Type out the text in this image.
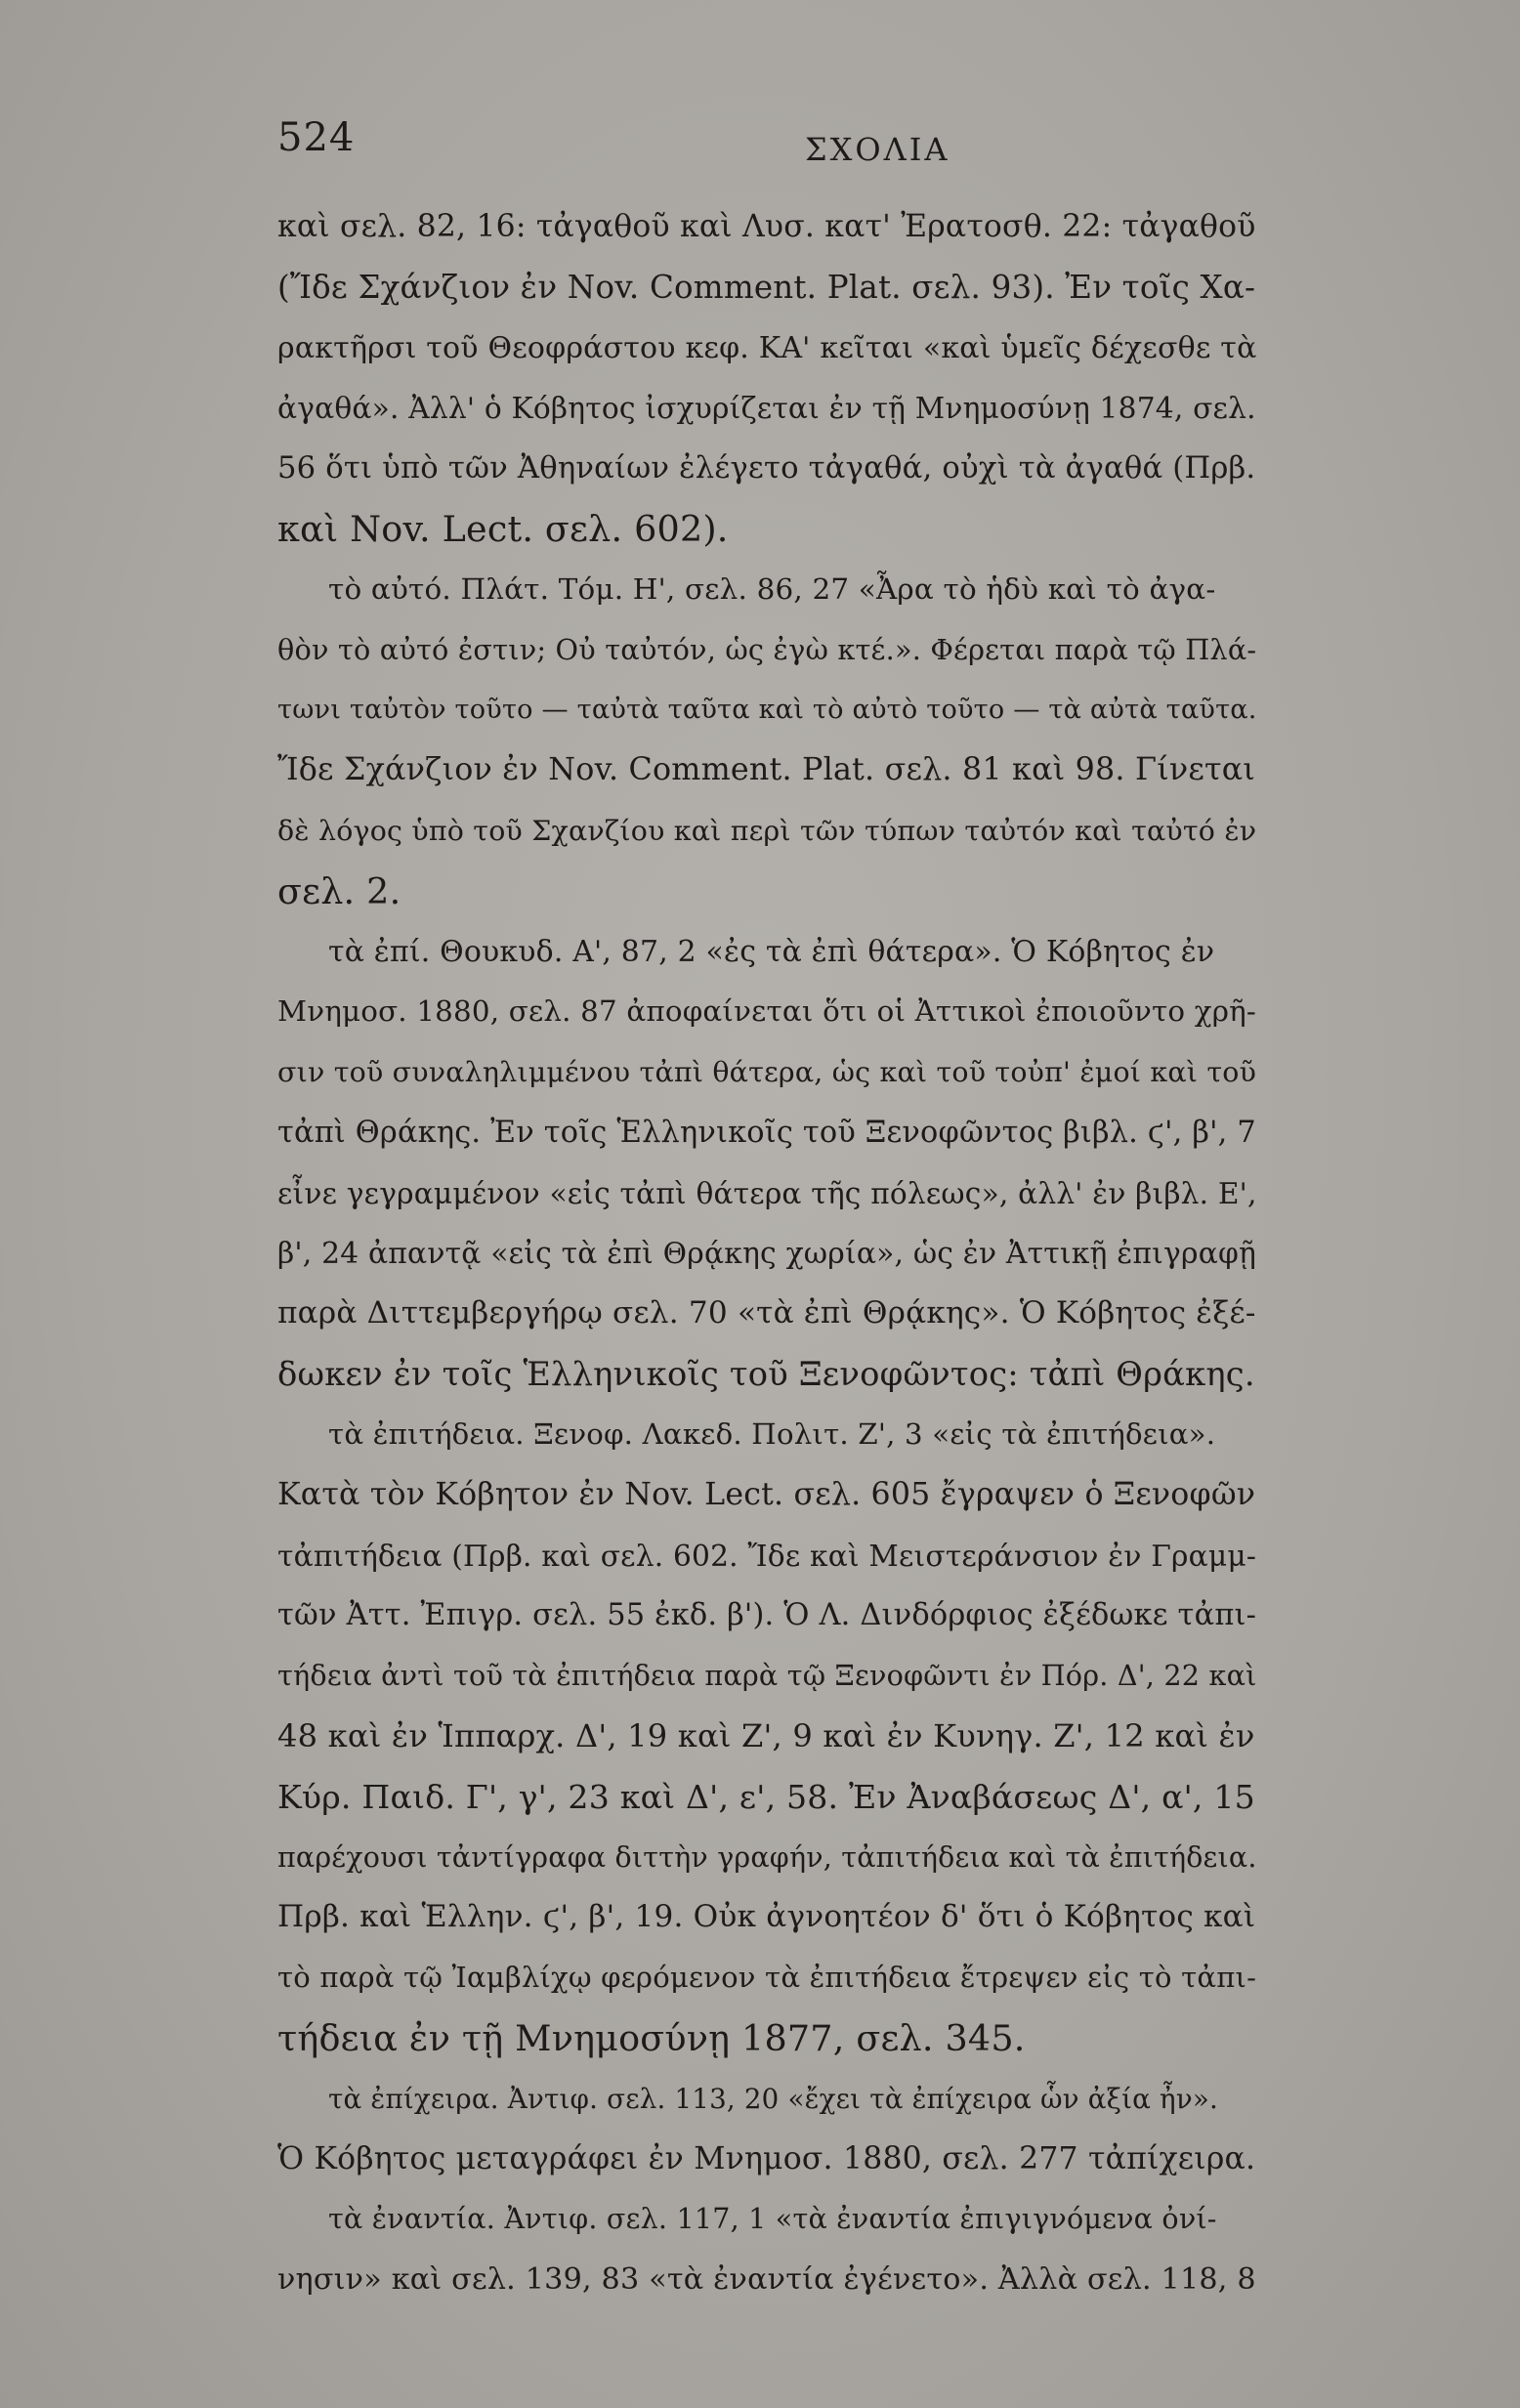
524	ΣΧΟΛΙΑ
καὶ σελ. 82, 16: τἀγαθοῦ καὶ Λυσ. κατ' Ἐρατοσθ. 22: τἀγαθοῦ
(Ἴδε Σχάνζιον ἐν Nov. Comment. Plat. σελ. 93). Ἐν τοῖς Χα-
ρακτῆρσι τοῦ Θεοφράστου κεφ. ΚΑ' κεῖται «καὶ ὑμεῖς δέχεσθε τὰ
ἀγαθά». Ἀλλ' ὁ Κόβητος ἰσχυρίζεται ἐν τῇ Μνημοσύνῃ 1874, σελ.
56 ὅτι ὑπὸ τῶν Ἀθηναίων ἐλέγετο τἀγαθά, οὐχὶ τὰ ἀγαθά (Πρβ.
καὶ Nov. Lect. σελ. 602).
τὸ αὐτό. Πλάτ. Τόμ. Η', σελ. 86, 27 «Ἆρα τὸ ἡδὺ καὶ τὸ ἀγα-
θὸν τὸ αὐτό ἐστιν; Οὐ ταὐτόν, ὡς ἐγὼ κτέ.». Φέρεται παρὰ τῷ Πλά-
τωνι ταὐτὸν τοῦτο — ταὐτὰ ταῦτα καὶ τὸ αὐτὸ τοῦτο — τὰ αὐτὰ ταῦτα.
Ἴδε Σχάνζιον ἐν Nov. Comment. Plat. σελ. 81 καὶ 98. Γίνεται
δὲ λόγος ὑπὸ τοῦ Σχανζίου καὶ περὶ τῶν τύπων ταὐτόν καὶ ταὐτό ἐν
σελ. 2.
τὰ ἐπί. Θουκυδ. Α', 87, 2 «ἐς τὰ ἐπὶ θάτερα». Ὁ Κόβητος ἐν
Μνημοσ. 1880, σελ. 87 ἀποφαίνεται ὅτι οἱ Ἀττικοὶ ἐποιοῦντο χρῆ-
σιν τοῦ συναληλιμμένου τἀπὶ θάτερα, ὡς καὶ τοῦ τοὐπ' ἐμοί καὶ τοῦ
τἀπὶ Θράκης. Ἐν τοῖς Ἑλληνικοῖς τοῦ Ξενοφῶντος βιβλ. ϛ', β', 7
εἶνε γεγραμμένον «εἰς τἀπὶ θάτερα τῆς πόλεως», ἀλλ' ἐν βιβλ. Ε',
β', 24 ἀπαντᾷ «εἰς τὰ ἐπὶ Θρᾴκης χωρία», ὡς ἐν Ἀττικῇ ἐπιγραφῇ
παρὰ Διττεμβεργήρῳ σελ. 70 «τὰ ἐπὶ Θρᾴκης». Ὁ Κόβητος ἐξέ-
δωκεν ἐν τοῖς Ἑλληνικοῖς τοῦ Ξενοφῶντος: τἀπὶ Θράκης.
τὰ ἐπιτήδεια. Ξενοφ. Λακεδ. Πολιτ. Ζ', 3 «εἰς τὰ ἐπιτήδεια».
Κατὰ τὸν Κόβητον ἐν Nov. Lect. σελ. 605 ἔγραψεν ὁ Ξενοφῶν
τἀπιτήδεια (Πρβ. καὶ σελ. 602. Ἴδε καὶ Μειστεράνσιον ἐν Γραμμ-
τῶν Ἀττ. Ἐπιγρ. σελ. 55 ἐκδ. β'). Ὁ Λ. Δινδόρφιος ἐξέδωκε τἀπι-
τήδεια ἀντὶ τοῦ τὰ ἐπιτήδεια παρὰ τῷ Ξενοφῶντι ἐν Πόρ. Δ', 22 καὶ
48 καὶ ἐν Ἱππαρχ. Δ', 19 καὶ Ζ', 9 καὶ ἐν Κυνηγ. Ζ', 12 καὶ ἐν
Κύρ. Παιδ. Γ', γ', 23 καὶ Δ', ε', 58. Ἐν Ἀναβάσεως Δ', α', 15
παρέχουσι τἀντίγραφα διττὴν γραφήν, τἀπιτήδεια καὶ τὰ ἐπιτήδεια.
Πρβ. καὶ Ἑλλην. ϛ', β', 19. Οὐκ ἀγνοητέον δ' ὅτι ὁ Κόβητος καὶ
τὸ παρὰ τῷ Ἰαμβλίχῳ φερόμενον τὰ ἐπιτήδεια ἔτρεψεν εἰς τὸ τἀπι-
τήδεια ἐν τῇ Μνημοσύνῃ 1877, σελ. 345.
τὰ ἐπίχειρα. Ἀντιφ. σελ. 113, 20 «ἔχει τὰ ἐπίχειρα ὧν ἀξία ἦν».
Ὁ Κόβητος μεταγράφει ἐν Μνημοσ. 1880, σελ. 277 τἀπίχειρα.
τὰ ἐναντία. Ἀντιφ. σελ. 117, 1 «τὰ ἐναντία ἐπιγιγνόμενα ὀνί-
νησιν» καὶ σελ. 139, 83 «τὰ ἐναντία ἐγένετο». Ἀλλὰ σελ. 118, 8
